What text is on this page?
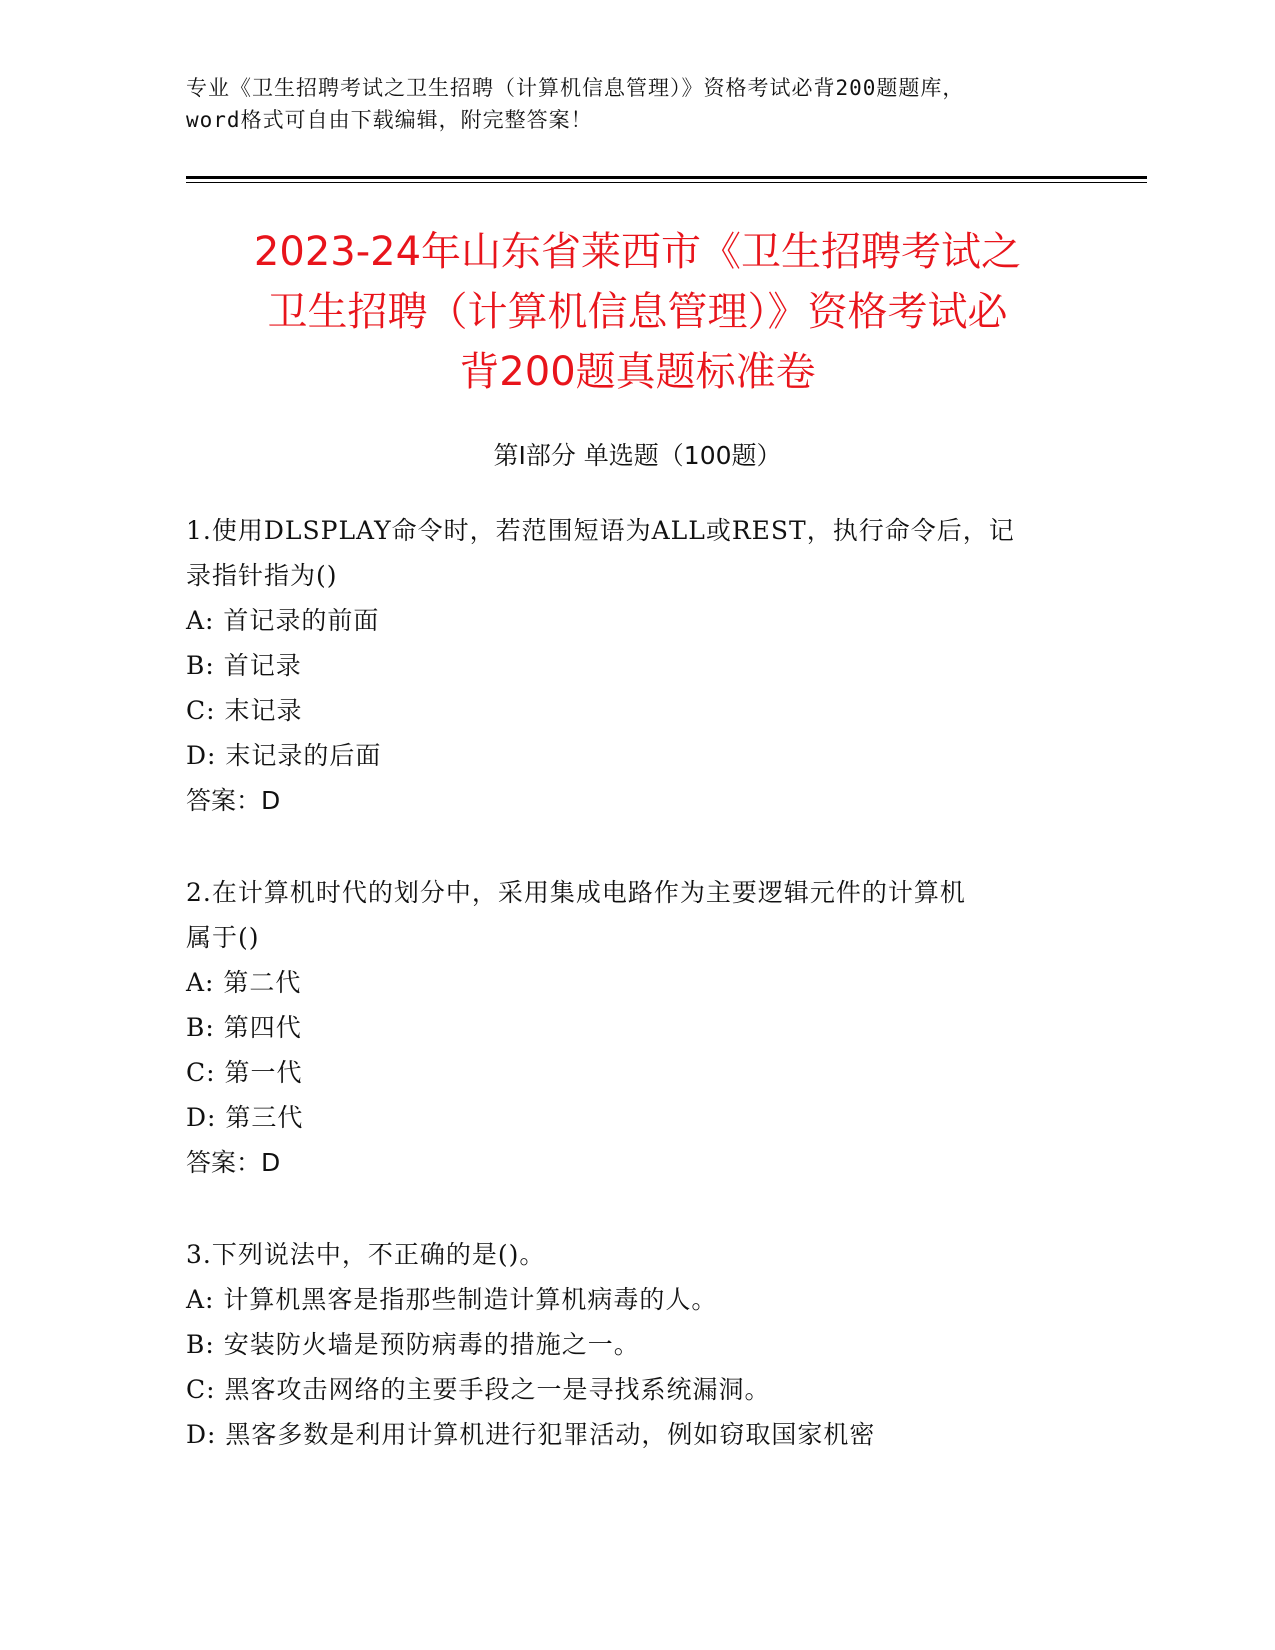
专业《卫生招聘考试之卫生招聘（计算机信息管理）》资格考试必背200题题库，
word格式可自由下载编辑，附完整答案！
2023-24年山东省莱西市《卫生招聘考试之
卫生招聘（计算机信息管理）》资格考试必
背200题真题标准卷
第Ⅰ部分 单选题（100题）
1.使用DLSPLAY命令时，若范围短语为ALL或REST，执行命令后，记
录指针指为()
A: 首记录的前面
B: 首记录
C: 末记录
D: 末记录的后面
答案：D
2.在计算机时代的划分中，采用集成电路作为主要逻辑元件的计算机
属于()
A: 第二代
B: 第四代
C: 第一代
D: 第三代
答案：D
3.下列说法中，不正确的是()。
A: 计算机黑客是指那些制造计算机病毒的人。
B: 安装防火墙是预防病毒的措施之一。
C: 黑客攻击网络的主要手段之一是寻找系统漏洞。
D: 黑客多数是利用计算机进行犯罪活动，例如窃取国家机密
